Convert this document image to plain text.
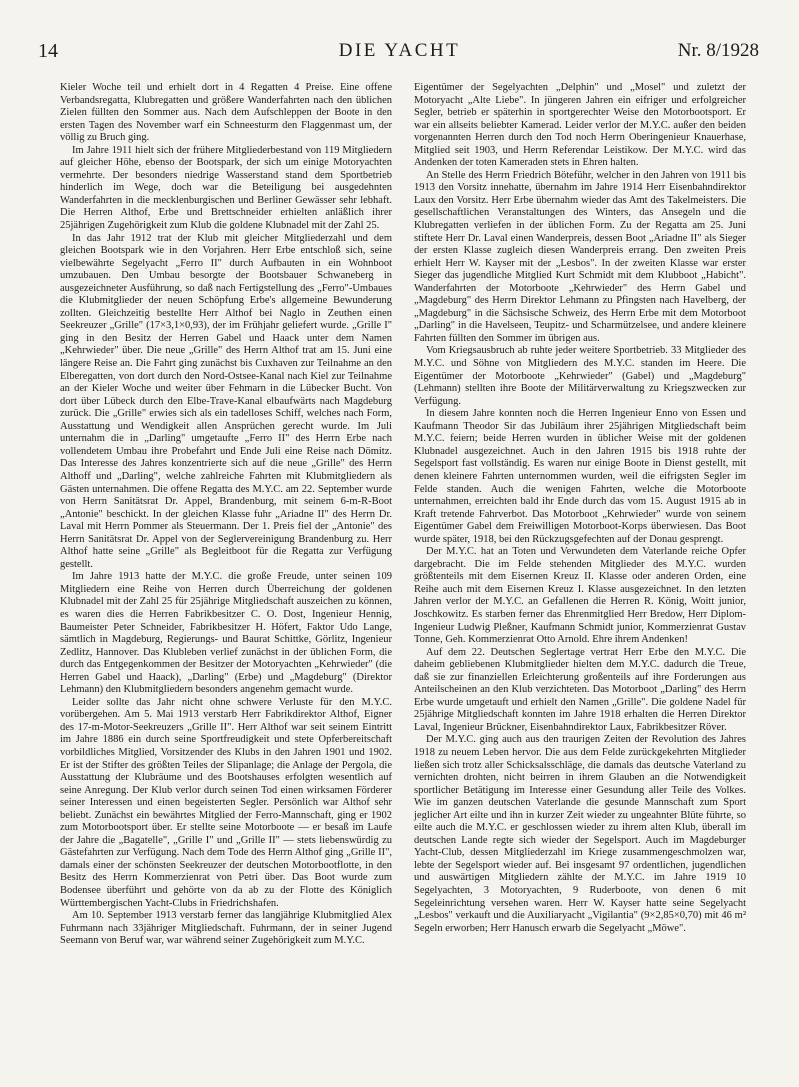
14	DIE YACHT	Nr. 8/1928

Kieler Woche teil und erhielt dort in 4 Regatten 4 Preise. Eine offene Verbandsregatta, Klubregatten und größere Wanderfahrten nach den üblichen Zielen füllten den Sommer aus. Nach dem Aufschleppen der Boote in den ersten Tagen des November warf ein Schneesturm den Flaggenmast um, der völlig zu Bruch ging.

Im Jahre 1911 hielt sich der frühere Mitgliederbestand von 119 Mitgliedern auf gleicher Höhe, ebenso der Bootspark, der sich um einige Motoryachten vermehrte. Der besonders niedrige Wasserstand stand dem Sportbetrieb hinderlich im Wege, doch war die Beteiligung bei ausgedehnten Wanderfahrten in die mecklenburgischen und Berliner Gewässer sehr lebhaft. Die Herren Althof, Erbe und Brettschneider erhielten anläßlich ihrer 25jährigen Zugehörigkeit zum Klub die goldene Klubnadel mit der Zahl 25.

In das Jahr 1912 trat der Klub mit gleicher Mitgliederzahl und dem gleichen Bootspark wie in den Vorjahren. Herr Erbe entschloß sich, seine vielbewährte Segelyacht „Ferro II" durch Aufbauten in ein Wohnboot umzubauen. Den Umbau besorgte der Bootsbauer Schwaneberg in ausgezeichneter Ausführung, so daß nach Fertigstellung des „Ferro"-Umbaues die Klubmitglieder der neuen Schöpfung Erbe's allgemeine Bewunderung zollten. Gleichzeitig bestellte Herr Althof bei Naglo in Zeuthen einen Seekreuzer „Grille" (17×3,1×0,93), der im Frühjahr geliefert wurde. „Grille I" ging in den Besitz der Herren Gabel und Haack unter dem Namen „Kehrwieder" über. Die neue „Grille" des Herrn Althof trat am 15. Juni eine längere Reise an. Die Fahrt ging zunächst bis Cuxhaven zur Teilnahme an den Elberegatten, von dort durch den Nord-Ostsee-Kanal nach Kiel zur Teilnahme an der Kieler Woche und weiter über Fehmarn in die Lübecker Bucht. Von dort über Lübeck durch den Elbe-Trave-Kanal elbaufwärts nach Magdeburg zurück. Die „Grille" erwies sich als ein tadelloses Schiff, welches nach Form, Ausstattung und Wendigkeit allen Ansprüchen gerecht wurde. Im Juli unternahm die in „Darling" umgetaufte „Ferro II" des Herrn Erbe nach vollendetem Umbau ihre Probefahrt und Ende Juli eine Reise nach Dömitz. Das Interesse des Jahres konzentrierte sich auf die neue „Grille" des Herrn Althoff und „Darling", welche zahlreiche Fahrten mit Klubmitgliedern als Gästen unternahmen. Die offene Regatta des M.Y.C. am 22. September wurde von Herrn Sanitätsrat Dr. Appel, Brandenburg, mit seinem 6-m-R-Boot „Antonie" beschickt. In der gleichen Klasse fuhr „Ariadne II" des Herrn Dr. Laval mit Herrn Pommer als Steuermann. Der 1. Preis fiel der „Antonie" des Herrn Sanitätsrat Dr. Appel von der Seglervereinigung Brandenburg zu. Herr Althof hatte seine „Grille" als Begleitboot für die Regatta zur Verfügung gestellt.

Im Jahre 1913 hatte der M.Y.C. die große Freude, unter seinen 109 Mitgliedern eine Reihe von Herren durch Überreichung der goldenen Klubnadel mit der Zahl 25 für 25jährige Mitgliedschaft auszeichen zu können, es waren dies die Herren Fabrikbesitzer C. O. Dost, Ingenieur Hennig, Baumeister Peter Schneider, Fabrikbesitzer H. Höfert, Faktor Udo Lange, sämtlich in Magdeburg, Regierungs- und Baurat Schittke, Görlitz, Ingenieur Zedlitz, Hannover. Das Klubleben verlief zunächst in der üblichen Form, die durch das Entgegenkommen der Besitzer der Motoryachten „Kehrwieder" (die Herren Gabel und Haack), „Darling" (Erbe) und „Magdeburg" (Direktor Lehmann) den Klubmitgliedern besonders angenehm gemacht wurde.

Leider sollte das Jahr nicht ohne schwere Verluste für den M.Y.C. vorübergehen. Am 5. Mai 1913 verstarb Herr Fabrikdirektor Althof, Eigner des 17-m-Motor-Seekreuzers „Grille II". Herr Althof war seit seinem Eintritt im Jahre 1886 ein durch seine Sportfreudigkeit und stete Opferbereitschaft vorbildliches Mitglied, Vorsitzender des Klubs in den Jahren 1901 und 1902. Er ist der Stifter des größten Teiles der Slipanlage; die Anlage der Pergola, die Ausstattung der Klubräume und des Bootshauses erfolgten wesentlich auf seine Anregung. Der Klub verlor durch seinen Tod einen wirksamen Förderer seiner Interessen und einen begeisterten Segler. Persönlich war Althof sehr beliebt. Zunächst ein bewährtes Mitglied der Ferro-Mannschaft, ging er 1902 zum Motorbootsport über. Er stellte seine Motorboote — er besaß im Laufe der Jahre die „Bagatelle", „Grille I" und „Grille II" — stets liebenswürdig zu Gästefahrten zur Verfügung. Nach dem Tode des Herrn Althof ging „Grille II", damals einer der schönsten Seekreuzer der deutschen Motorbootflotte, in den Besitz des Herrn Kommerzienrat von Petri über. Das Boot wurde zum Bodensee überführt und gehörte von da ab zu der Flotte des Königlich Württembergischen Yacht-Clubs in Friedrichshafen.

Am 10. September 1913 verstarb ferner das langjährige Klubmitglied Alex Fuhrmann nach 33jähriger Mitgliedschaft. Fuhrmann, der in seiner Jugend Seemann von Beruf war, war während seiner Zugehörigkeit zum M.Y.C.

Eigentümer der Segelyachten „Delphin" und „Mosel" und zuletzt der Motoryacht „Alte Liebe". In jüngeren Jahren ein eifriger und erfolgreicher Segler, betrieb er späterhin in sportgerechter Weise den Motorbootsport. Er war ein allseits beliebter Kamerad. Leider verlor der M.Y.C. außer den beiden vorgenannten Herren durch den Tod noch Herrn Oberingenieur Knauerhase, Mitglied seit 1903, und Herrn Referendar Leistikow. Der M.Y.C. wird das Andenken der toten Kameraden stets in Ehren halten.

An Stelle des Herrn Friedrich Böteführ, welcher in den Jahren von 1911 bis 1913 den Vorsitz innehatte, übernahm im Jahre 1914 Herr Eisenbahndirektor Laux den Vorsitz. Herr Erbe übernahm wieder das Amt des Takelmeisters. Die gesellschaftlichen Veranstaltungen des Winters, das Ansegeln und die Klubregatten verliefen in der üblichen Form. Zu der Regatta am 25. Juni stiftete Herr Dr. Laval einen Wanderpreis, dessen Boot „Ariadne II" als Sieger der ersten Klasse zugleich diesen Wanderpreis errang. Den zweiten Preis erhielt Herr W. Kayser mit der „Lesbos". In der zweiten Klasse war erster Sieger das jugendliche Mitglied Kurt Schmidt mit dem Klubboot „Habicht". Wanderfahrten der Motorboote „Kehrwieder" des Herrn Gabel und „Magdeburg" des Herrn Direktor Lehmann zu Pfingsten nach Havelberg, der „Magdeburg" in die Sächsische Schweiz, des Herrn Erbe mit dem Motorboot „Darling" in die Havelseen, Teupitz- und Scharmützelsee, und andere kleinere Fahrten füllten den Sommer im übrigen aus.

Vom Kriegsausbruch ab ruhte jeder weitere Sportbetrieb. 33 Mitglieder des M.Y.C. und Söhne von Mitgliedern des M.Y.C. standen im Heere. Die Eigentümer der Motorboote „Kehrwieder" (Gabel) und „Magdeburg" (Lehmann) stellten ihre Boote der Militärverwaltung zu Kriegszwecken zur Verfügung.

In diesem Jahre konnten noch die Herren Ingenieur Enno von Essen und Kaufmann Theodor Sir das Jubiläum ihrer 25jährigen Mitgliedschaft beim M.Y.C. feiern; beide Herren wurden in üblicher Weise mit der goldenen Klubnadel ausgezeichnet. Auch in den Jahren 1915 bis 1918 ruhte der Segelsport fast vollständig. Es waren nur einige Boote in Dienst gestellt, mit denen kleinere Fahrten unternommen wurden, weil die eifrigsten Segler im Felde standen. Auch die wenigen Fahrten, welche die Motorboote unternahmen, erreichten bald ihr Ende durch das vom 15. August 1915 ab in Kraft tretende Fahrverbot. Das Motorboot „Kehrwieder" wurde von seinem Eigentümer Gabel dem Freiwilligen Motorboot-Korps überwiesen. Das Boot wurde später, 1918, bei den Rückzugsgefechten auf der Donau gesprengt.

Der M.Y.C. hat an Toten und Verwundeten dem Vaterlande reiche Opfer dargebracht. Die im Felde stehenden Mitglieder des M.Y.C. wurden größtenteils mit dem Eisernen Kreuz II. Klasse oder anderen Orden, eine Reihe auch mit dem Eisernen Kreuz I. Klasse ausgezeichnet. In den letzten Jahren verlor der M.Y.C. an Gefallenen die Herren R. König, Woitt junior, Joschkowitz. Es starben ferner das Ehrenmitglied Herr Bredow, Herr Diplom-Ingenieur Ludwig Pleßner, Kaufmann Schmidt junior, Kommerzienrat Gustav Tonne, Geh. Kommerzienrat Otto Arnold. Ehre ihrem Andenken!

Auf dem 22. Deutschen Seglertage vertrat Herr Erbe den M.Y.C. Die daheim gebliebenen Klubmitglieder hielten dem M.Y.C. dadurch die Treue, daß sie zur finanziellen Erleichterung großenteils auf ihre Forderungen aus Anteilscheinen an den Klub verzichteten. Das Motorboot „Darling" des Herrn Erbe wurde umgetauft und erhielt den Namen „Grille". Die goldene Nadel für 25jährige Mitgliedschaft konnten im Jahre 1918 erhalten die Herren Direktor Laval, Ingenieur Brückner, Eisenbahndirektor Laux, Fabrikbesitzer Röver.

Der M.Y.C. ging auch aus den traurigen Zeiten der Revolution des Jahres 1918 zu neuem Leben hervor. Die aus dem Felde zurückgekehrten Mitglieder ließen sich trotz aller Schicksalsschläge, die damals das deutsche Vaterland zu vernichten drohten, nicht beirren in ihrem Glauben an die Notwendigkeit sportlicher Betätigung im Interesse einer Gesundung aller Teile des Volkes. Wie im ganzen deutschen Vaterlande die gesunde Mannschaft zum Sport jeglicher Art eilte und ihn in kurzer Zeit wieder zu ungeahnter Blüte führte, so eilte auch die M.Y.C. er geschlossen wieder zu ihrem alten Klub, überall im deutschen Lande regte sich wieder der Segelsport. Auch im Magdeburger Yacht-Club, dessen Mitgliederzahl im Kriege zusammengeschmolzen war, lebte der Segelsport wieder auf. Bei insgesamt 97 ordentlichen, jugendlichen und auswärtigen Mitgliedern zählte der M.Y.C. im Jahre 1919 10 Segelyachten, 3 Motoryachten, 9 Ruderboote, von denen 6 mit Segeleinrichtung versehen waren. Herr W. Kayser hatte seine Segelyacht „Lesbos" verkauft und die Auxiliaryacht „Vigilantia" (9×2,85×0,70) mit 46 m² Segeln erworben; Herr Hanusch erwarb die Segelyacht „Möwe".
